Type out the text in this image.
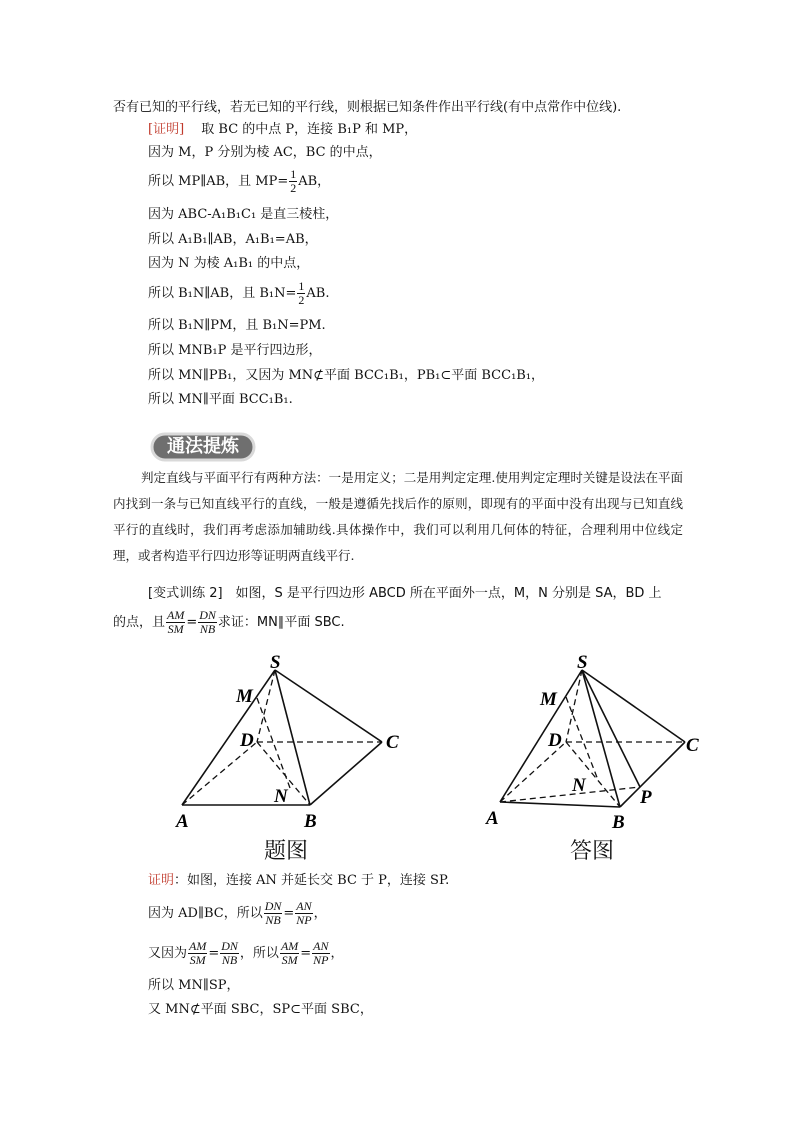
否有已知的平行线，若无已知的平行线，则根据已知条件作出平行线(有中点常作中位线).
[证明]　 取 BC 的中点 P，连接 B₁P 和 MP，
因为 M，P 分别为棱 AC，BC 的中点，
所以 MP∥AB，且 $MP= \frac{1}{2}$ AB，
因为 ABC-A₁B₁C₁ 是直三棱柱，
所以 A₁B₁∥AB，A₁B₁=AB，
因为 N 为棱 A₁B₁ 的中点，
所以 B₁N∥AB，且 $B_1N= \frac{1}{2}$ AB.
所以 B₁N∥PM，且 B₁N=PM.
所以 MNB₁P 是平行四边形，
所以 MN∥PB₁，又因为 MN⊄平面 BCC₁B₁，PB₁⊂平面 BCC₁B₁，
所以 MN∥平面 BCC₁B₁.
通法提炼
判定直线与平面平行有两种方法：一是用定义；二是用判定定理.使用判定定理时关键是设法在平面内找到一条与已知直线平行的直线，一般是遵循先找后作的原则，即现有的平面中没有出现与已知直线平行的直线时，我们再考虑添加辅助线.具体操作中，我们可以利用几何体的特征，合理利用中位线定理，或者构造平行四边形等证明两直线平行.
[变式训练 2]　如图，S 是平行四边形 ABCD 所在平面外一点，M，N 分别是 SA，BD 上
的点，且 $\frac{AM}{SM} = \frac{DN}{NB}$ 求证：MN∥平面 SBC.
S
M
D	C
N
A	B
题图
S
M
D	C
N
P
A	B
答图
证明：如图，连接 AN 并延长交 BC 于 P，连接 SP.
因为 AD∥BC，所以 $\frac{DN}{NB} = \frac{AN}{NP}$ ，
又因为 $\frac{AM}{SM} = \frac{DN}{NB}$ ，所以 $\frac{AM}{SM} = \frac{AN}{NP}$ ，
所以 MN∥SP，
又 MN⊄平面 SBC，SP⊂平面 SBC，
